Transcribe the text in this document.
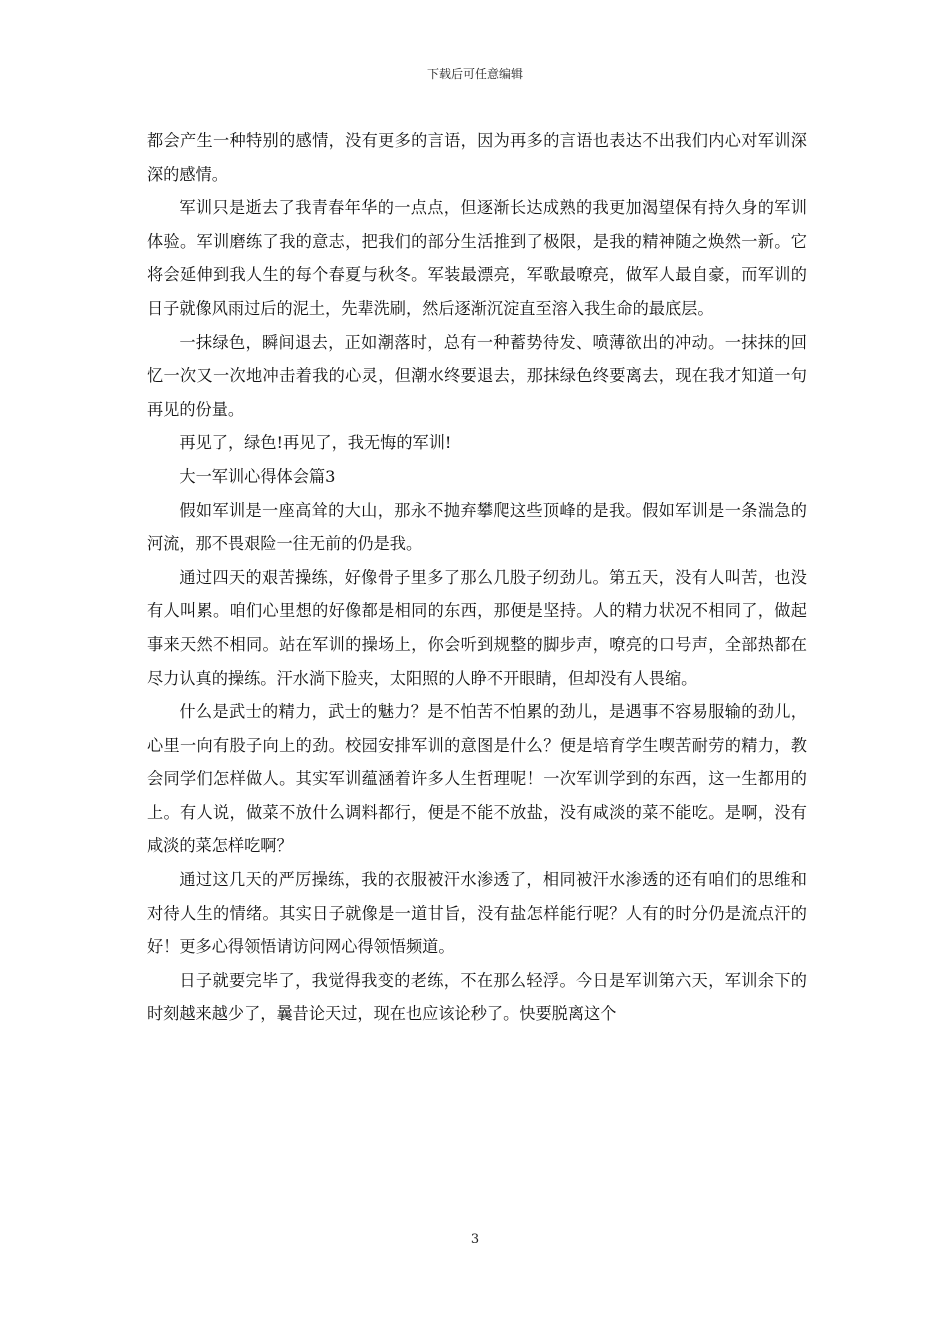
下载后可任意编辑

都会产生一种特别的感情，没有更多的言语，因为再多的言语也表达不出我们内心对军训深深的感情。

军训只是逝去了我青春年华的一点点，但逐渐长达成熟的我更加渴望保有持久身的军训体验。军训磨练了我的意志，把我们的部分生活推到了极限，是我的精神随之焕然一新。它将会延伸到我人生的每个春夏与秋冬。军装最漂亮，军歌最嘹亮，做军人最自豪，而军训的日子就像风雨过后的泥土，先辈洗刷，然后逐渐沉淀直至溶入我生命的最底层。

一抹绿色，瞬间退去，正如潮落时，总有一种蓄势待发、喷薄欲出的冲动。一抹抹的回忆一次又一次地冲击着我的心灵，但潮水终要退去，那抹绿色终要离去，现在我才知道一句再见的份量。

再见了，绿色!再见了，我无悔的军训!

大一军训心得体会篇3

假如军训是一座高耸的大山，那永不抛弃攀爬这些顶峰的是我。假如军训是一条湍急的河流，那不畏艰险一往无前的仍是我。

通过四天的艰苦操练，好像骨子里多了那么几股子纫劲儿。第五天，没有人叫苦，也没有人叫累。咱们心里想的好像都是相同的东西，那便是坚持。人的精力状况不相同了，做起事来天然不相同。站在军训的操场上，你会听到规整的脚步声，嘹亮的口号声，全部热都在尽力认真的操练。汗水淌下脸夹，太阳照的人睁不开眼睛，但却没有人畏缩。

什么是武士的精力，武士的魅力？是不怕苦不怕累的劲儿，是遇事不容易服输的劲儿，心里一向有股子向上的劲。校园安排军训的意图是什么？便是培育学生喫苦耐劳的精力，教会同学们怎样做人。其实军训蕴涵着许多人生哲理呢！一次军训学到的东西，这一生都用的上。有人说，做菜不放什么调料都行，便是不能不放盐，没有咸淡的菜不能吃。是啊，没有咸淡的菜怎样吃啊？

通过这几天的严厉操练，我的衣服被汗水渗透了，相同被汗水渗透的还有咱们的思维和对待人生的情绪。其实日子就像是一道甘旨，没有盐怎样能行呢？人有的时分仍是流点汗的好！更多心得领悟请访问网心得领悟频道。

日子就要完毕了，我觉得我变的老练，不在那么轻浮。今日是军训第六天，军训余下的时刻越来越少了，曩昔论天过，现在也应该论秒了。快要脱离这个

3
